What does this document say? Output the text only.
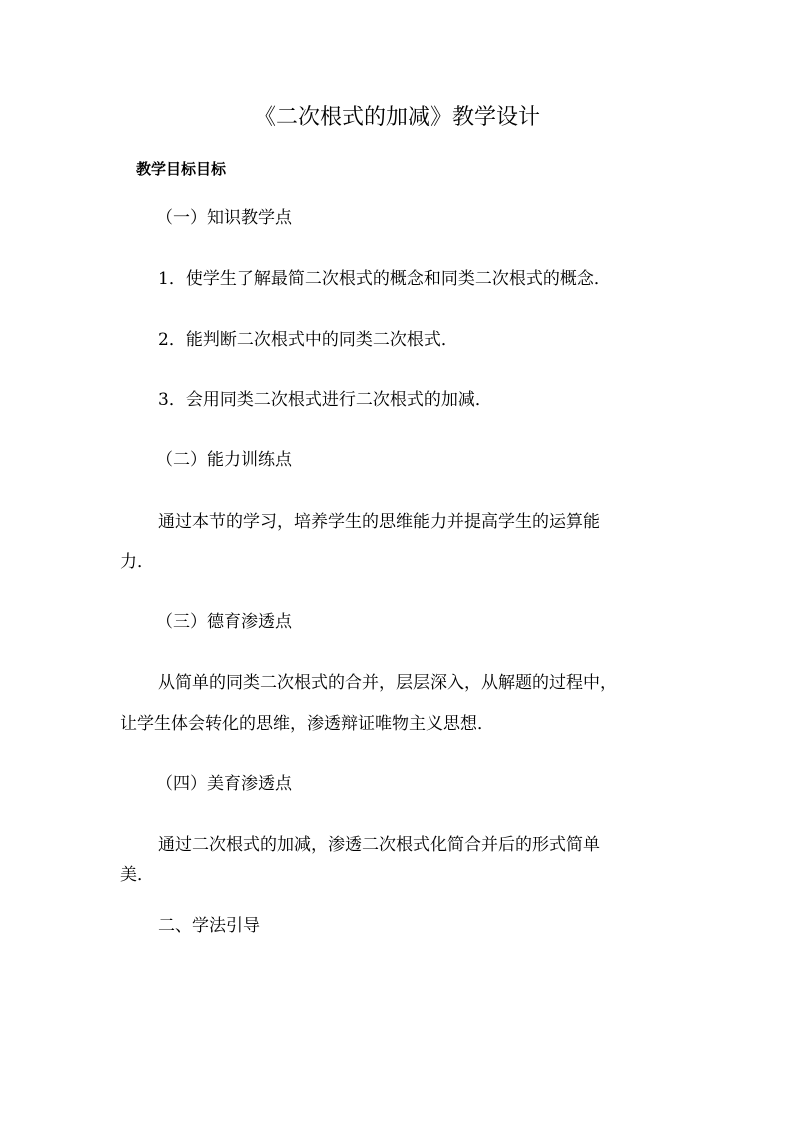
《二次根式的加减》教学设计
教学目标目标
（一）知识教学点
1．使学生了解最简二次根式的概念和同类二次根式的概念．
2．能判断二次根式中的同类二次根式．
3．会用同类二次根式进行二次根式的加减．
（二）能力训练点
通过本节的学习，培养学生的思维能力并提高学生的运算能
力．
（三）德育渗透点
从简单的同类二次根式的合并，层层深入，从解题的过程中，
让学生体会转化的思维，渗透辩证唯物主义思想．
（四）美育渗透点
通过二次根式的加减，渗透二次根式化简合并后的形式简单
美．
二、学法引导
